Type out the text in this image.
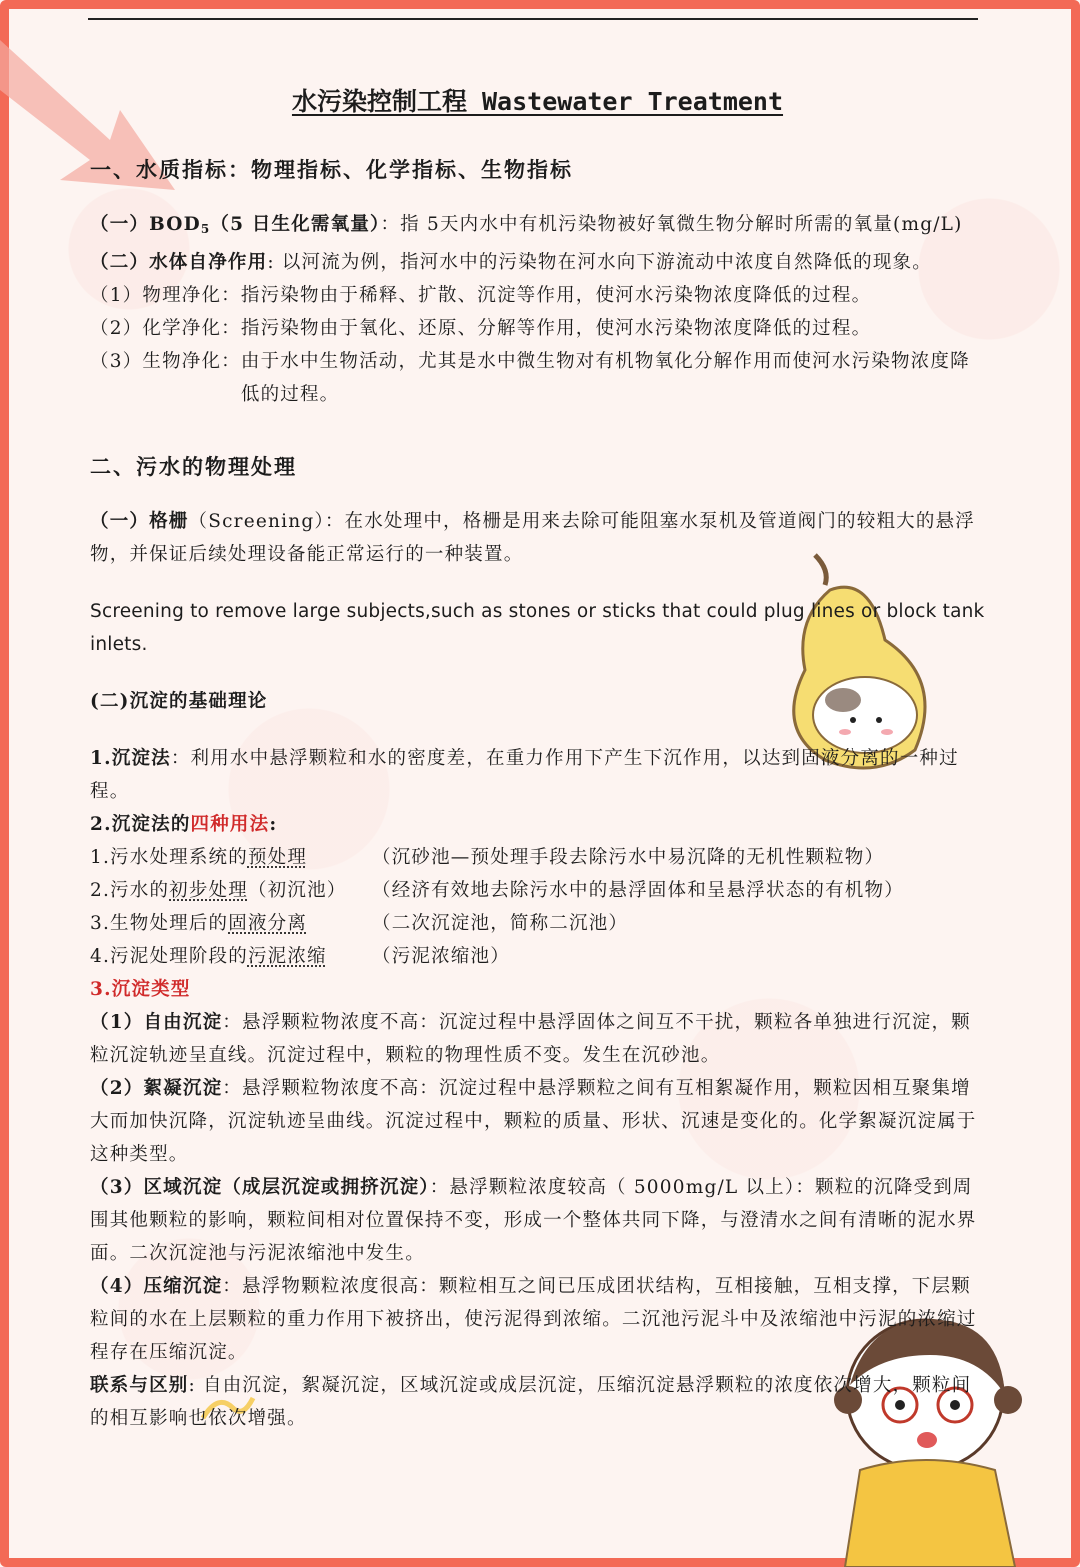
水污染控制工程 Wastewater Treatment
一、水质指标：物理指标、化学指标、生物指标

（一）$BOD_5(5$ 日生化需氧量）：指 5天内水中有机污染物被好氧微生物分解时所需的氧量(mg/L)

（二）水体自净作用: 以河流为例，指河水中的污染物在河水向下游流动中浓度自然降低的现象。

（1）物理净化： 指污染物由于稀释、扩散、沉淀等作用，使河水污染物浓度降低的过程。

（2）化学净化： 指污染物由于氧化、还原、分解等作用，使河水污染物浓度降低的过程。

（3）生物净化： 由于水中生物活动，尤其是水中微生物对有机物氧化分解作用而使河水污染物浓度降低的过程。

二、污水的物理处理

（一）格栅（Screening）：在水处理中，格栅是用来去除可能阻塞水泵机及管道阀门的较粗大的悬浮物，并保证后续处理设备能正常运行的一种装置。

Screening to remove large subjects,such as stones or sticks that could plug lines or block tank inlets.

(二)沉淀的基础理论

1.沉淀法：利用水中悬浮颗粒和水的密度差，在重力作用下产生下沉作用，以达到固液分离的一种过程。

2.沉淀法的四种用法:

1.污水处理系统的预处理	（沉砂池—预处理手段去除污水中易沉降的无机性颗粒物）

2.污水的初步处理（初沉池）	（经济有效地去除污水中的悬浮固体和呈悬浮状态的有机物）

3.生物处理后的固液分离	（二次沉淀池，简称二沉池）

4.污泥处理阶段的污泥浓缩	（污泥浓缩池）

3.沉淀类型

（1）自由沉淀：悬浮颗粒物浓度不高：沉淀过程中悬浮固体之间互不干扰，颗粒各单独进行沉淀，颗粒沉淀轨迹呈直线。沉淀过程中，颗粒的物理性质不变。发生在沉砂池。

（2）絮凝沉淀：悬浮颗粒物浓度不高：沉淀过程中悬浮颗粒之间有互相絮凝作用，颗粒因相互聚集增大而加快沉降，沉淀轨迹呈曲线。沉淀过程中，颗粒的质量、形状、沉速是变化的。化学絮凝沉淀属于这种类型。

（3）区域沉淀（成层沉淀或拥挤沉淀）：悬浮颗粒浓度较高（ 5000mg/L 以上）：颗粒的沉降受到周围其他颗粒的影响，颗粒间相对位置保持不变，形成一个整体共同下降，与澄清水之间有清晰的泥水界面。二次沉淀池与污泥浓缩池中发生。

（4）压缩沉淀：悬浮物颗粒浓度很高：颗粒相互之间已压成团状结构，互相接触，互相支撑，下层颗粒间的水在上层颗粒的重力作用下被挤出，使污泥得到浓缩。二沉池污泥斗中及浓缩池中污泥的浓缩过程存在压缩沉淀。

联系与区别: 自由沉淀，絮凝沉淀，区域沉淀或成层沉淀，压缩沉淀悬浮颗粒的浓度依次增大，颗粒间的相互影响也依次增强。
